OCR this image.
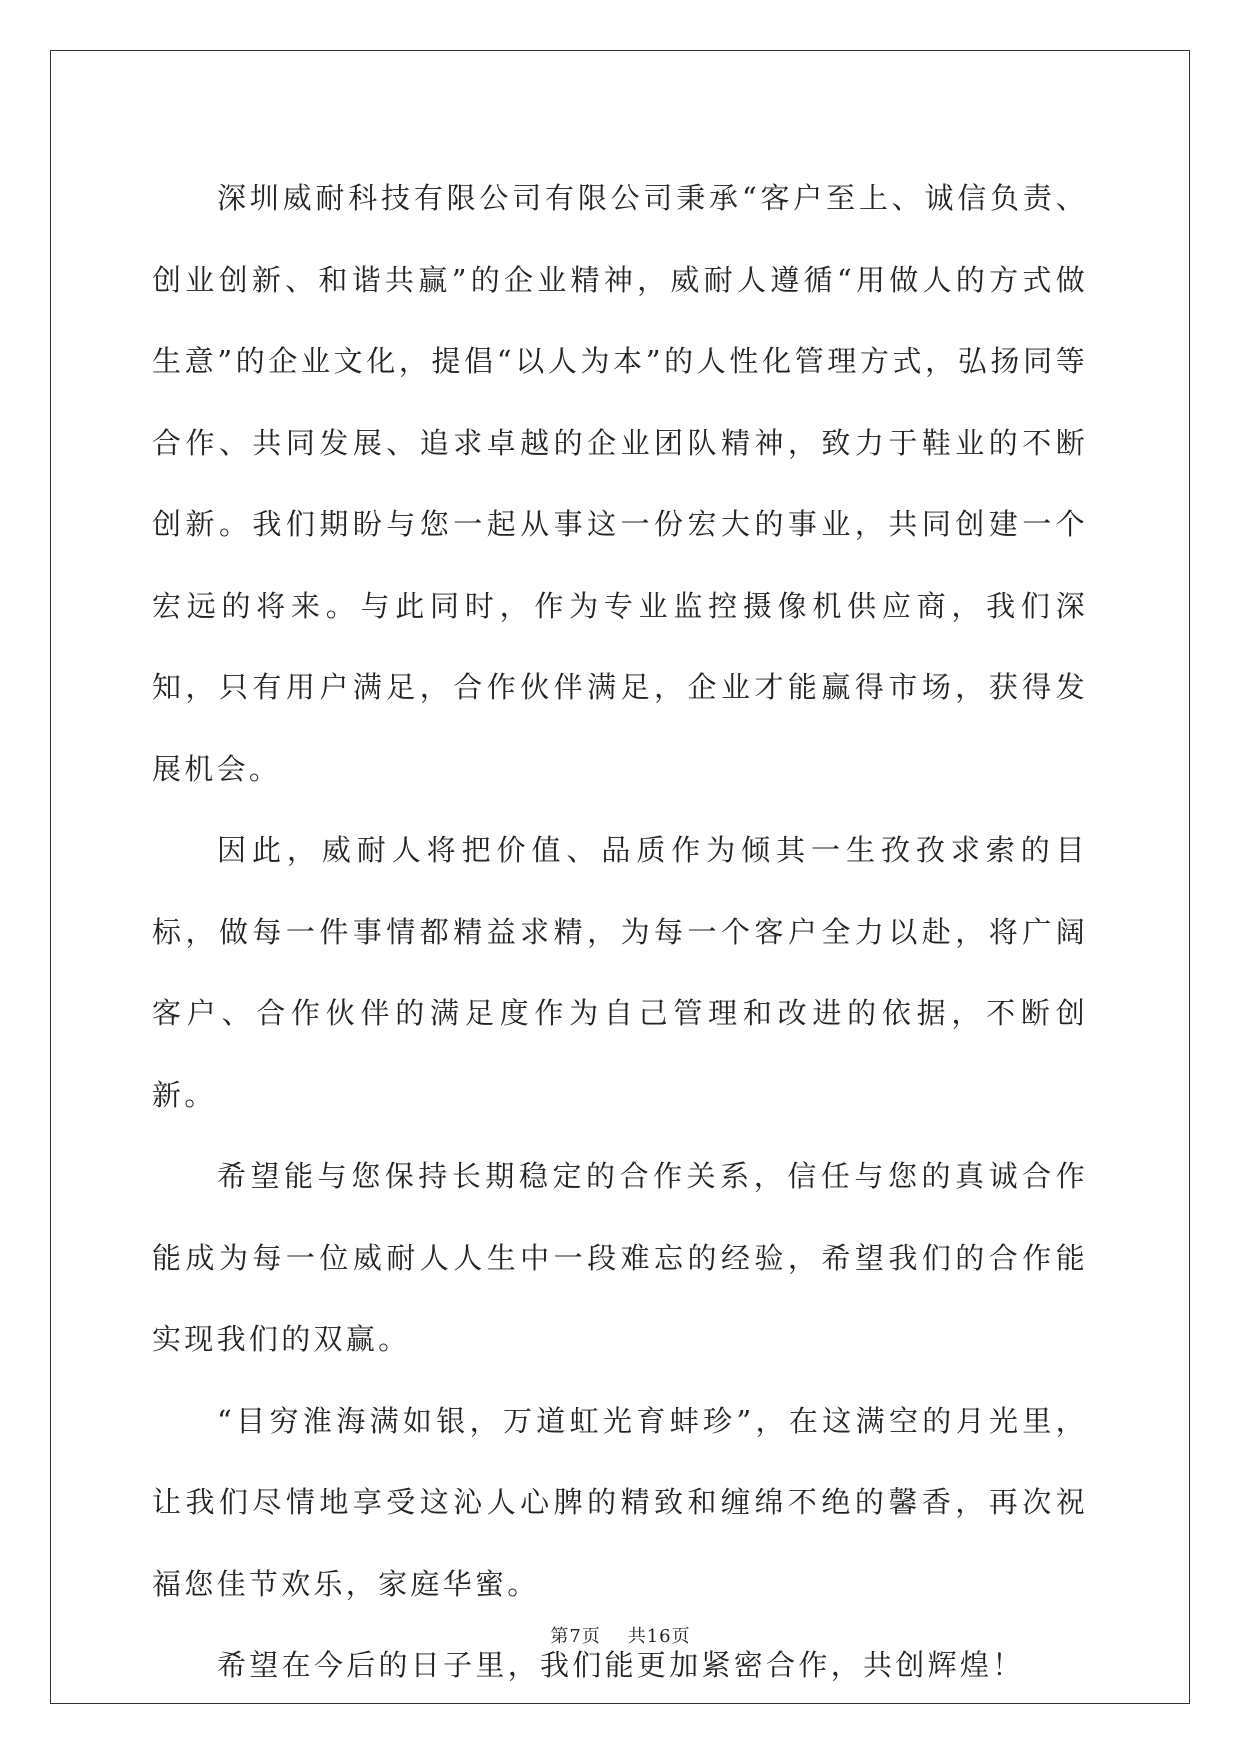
深圳威耐科技有限公司有限公司秉承“客户至上、诚信负责、创业创新、和谐共赢”的企业精神，威耐人遵循“用做人的方式做生意”的企业文化，提倡“以人为本”的人性化管理方式，弘扬同等合作、共同发展、追求卓越的企业团队精神，致力于鞋业的不断创新。我们期盼与您一起从事这一份宏大的事业，共同创建一个宏远的将来。与此同时，作为专业监控摄像机供应商，我们深知，只有用户满足，合作伙伴满足，企业才能赢得市场，获得发展机会。

因此，威耐人将把价值、品质作为倾其一生孜孜求索的目标，做每一件事情都精益求精，为每一个客户全力以赴，将广阔客户、合作伙伴的满足度作为自己管理和改进的依据，不断创新。

希望能与您保持长期稳定的合作关系，信任与您的真诚合作能成为每一位威耐人人生中一段难忘的经验，希望我们的合作能实现我们的双赢。

“目穷淮海满如银，万道虹光育蚌珍”，在这满空的月光里，让我们尽情地享受这沁人心脾的精致和缠绵不绝的馨香，再次祝福您佳节欢乐，家庭华蜜。

希望在今后的日子里，我们能更加紧密合作，共创辉煌！

第7页 共16页
